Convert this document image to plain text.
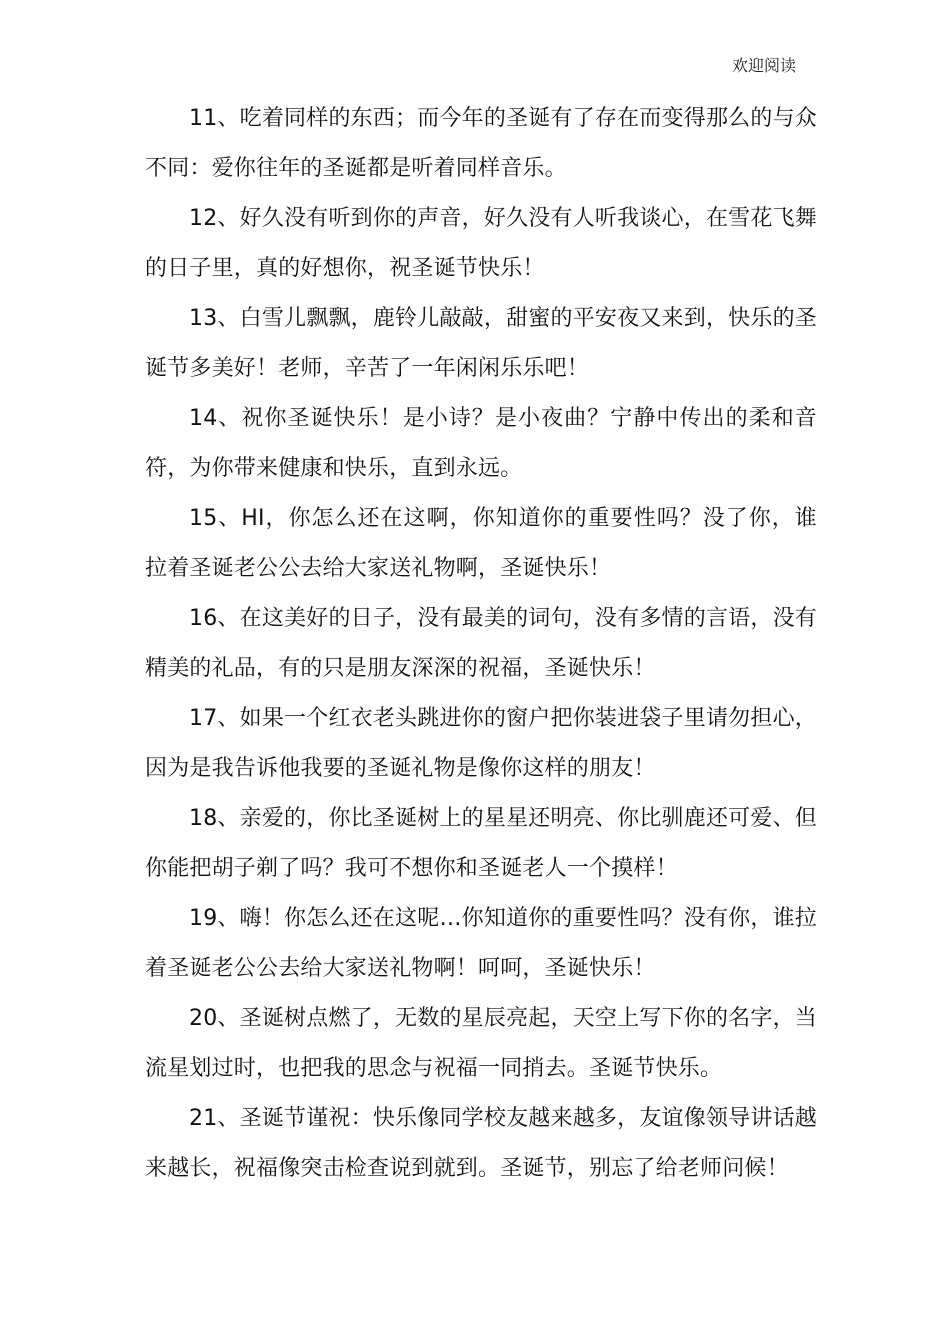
欢迎阅读

11、吃着同样的东西；而今年的圣诞有了存在而变得那么的与众不同：爱你往年的圣诞都是听着同样音乐。

12、好久没有听到你的声音，好久没有人听我谈心，在雪花飞舞的日子里，真的好想你，祝圣诞节快乐！

13、白雪儿飘飘，鹿铃儿敲敲，甜蜜的平安夜又来到，快乐的圣诞节多美好！老师，辛苦了一年闲闲乐乐吧！

14、祝你圣诞快乐！是小诗？是小夜曲？宁静中传出的柔和音符，为你带来健康和快乐，直到永远。

15、HI，你怎么还在这啊，你知道你的重要性吗？没了你，谁拉着圣诞老公公去给大家送礼物啊，圣诞快乐！

16、在这美好的日子，没有最美的词句，没有多情的言语，没有精美的礼品，有的只是朋友深深的祝福，圣诞快乐！

17、如果一个红衣老头跳进你的窗户把你装进袋子里请勿担心，因为是我告诉他我要的圣诞礼物是像你这样的朋友！

18、亲爱的，你比圣诞树上的星星还明亮、你比驯鹿还可爱、但你能把胡子剃了吗？我可不想你和圣诞老人一个摸样！

19、嗨！你怎么还在这呢…你知道你的重要性吗？没有你，谁拉着圣诞老公公去给大家送礼物啊！呵呵，圣诞快乐！

20、圣诞树点燃了，无数的星辰亮起，天空上写下你的名字，当流星划过时，也把我的思念与祝福一同捎去。圣诞节快乐。

21、圣诞节谨祝：快乐像同学校友越来越多，友谊像领导讲话越来越长，祝福像突击检查说到就到。圣诞节，别忘了给老师问候！
